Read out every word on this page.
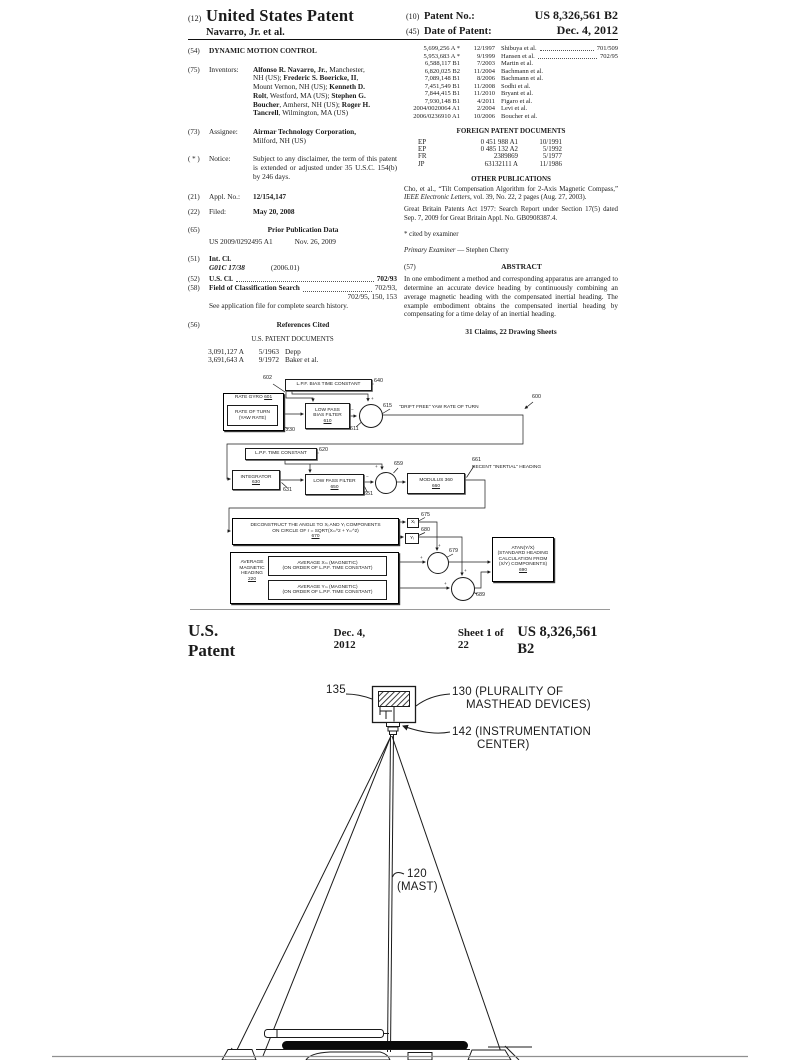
(12) United States Patent
Navarro, Jr. et al.
(10) Patent No.:	US 8,326,561 B2
(45) Date of Patent:	Dec. 4, 2012
(54)	DYNAMIC MOTION CONTROL
(75)	Inventors:	Alfonso R. Navarro, Jr., Manchester,
NH (US); Frederic S. Boericke, II,
Mount Vernon, NH (US); Kenneth D.
Rolt, Westford, MA (US); Stephen G.
Boucher, Amherst, NH (US); Roger H.
Tancrell, Wilmington, MA (US)
(73)	Assignee:	Airmar Technology Corporation,
Milford, NH (US)
( * )	Notice:	Subject to any disclaimer, the term of this patent is extended or adjusted under 35 U.S.C. 154(b) by 246 days.
(21)	Appl. No.:	12/154,147
(22)	Filed:	May 20, 2008
(65)	Prior Publication Data
US 2009/0292495 A1	Nov. 26, 2009
(51)	Int. Cl.
G01C 17/38	(2006.01)
(52)	U.S. Cl.	702/93
(58)	Field of Classification Search	702/93,
702/95, 150, 153
See application file for complete search history.
(56)	References Cited
U.S. PATENT DOCUMENTS
3,091,127 A	5/1963 Depp
3,691,643 A	9/1972 Baker et al.
5,699,256 A *	12/1997 Shibuya et al.	701/509
5,953,683 A *	9/1999 Hansen et al.	702/95
6,588,117 B1	7/2003 Martin et al.
6,820,025 B2	11/2004 Bachmann et al.
7,089,148 B1	8/2006 Bachmann et al.
7,451,549 B1	11/2008 Sodhi et al.
7,844,415 B1	11/2010 Bryant et al.
7,930,148 B1	4/2011 Figaro et al.
2004/0020064 A1	2/2004 Levi et al.
2006/0236910 A1	10/2006 Boucher et al.
FOREIGN PATENT DOCUMENTS
EP	0 451 988 A1	10/1991
EP	0 485 132 A2	5/1992
FR	2389869	5/1977
JP	63132111 A	11/1986
OTHER PUBLICATIONS
Cho, et al., “Tilt Compensation Algorithm for 2-Axis Magnetic Compass,” IEEE Electronic Letters, vol. 39, No. 22, 2 pages (Aug. 27, 2003).
Great Britain Patents Act 1977: Search Report under Section 17(5) dated Sep. 7, 2009 for Great Britain Appl. No. GB0908387.4.
* cited by examiner
Primary Examiner — Stephen Cherry
(57)	ABSTRACT
In one embodiment a method and corresponding apparatus are arranged to determine an accurate device heading by continuously combining an average magnetic heading with the compensated inertial heading. The example embodiment obtains the compensated inertial heading by compensating for a time delay of an inertial heading.
31 Claims, 22 Drawing Sheets
L.P.F. BIAS TIME CONSTANT
RATE GYRO 601
RATE OF TURN
(YAW RATE)
LOW PASS
BIAS FILTER
610
L.P.F. TIME CONSTANT
INTEGRATOR
630	LOW PASS FILTER
650
MODULUS 360
660
DECONSTRUCT THE ANGLE TO Xᵢ AND Yᵢ COMPONENTS
ON CIRCLE OF r = SQRT(Xₘ^2 + Yₘ^2)
670
Xᵢ
Yᵢ
AVERAGE
MAGNETIC
HEADING
220
AVERAGE Xₘ (MAGNETIC)
(ON ORDER OF L.P.F. TIME CONSTANT)
AVERAGE Yₘ (MAGNETIC)
(ON ORDER OF L.P.F. TIME CONSTANT)
ATAN(Y/X)
(STANDARD HEADING
CALCULATION FROM
(X/Y) COMPONENTS)
690
602	640
230	611
615 "DRIFT FREE" YAW RATE OF TURN
600
620
631
651
659
661
RECENT "INERTIAL" HEADING
675
680
679
689
+
−
+
−
+
+
+
+
U.S. Patent
Dec. 4, 2012
Sheet 1 of 22
US 8,326,561 B2
135	130 (PLURALITY OF
MASTHEAD DEVICES)
142 (INSTRUMENTATION
CENTER)
120
(MAST)
